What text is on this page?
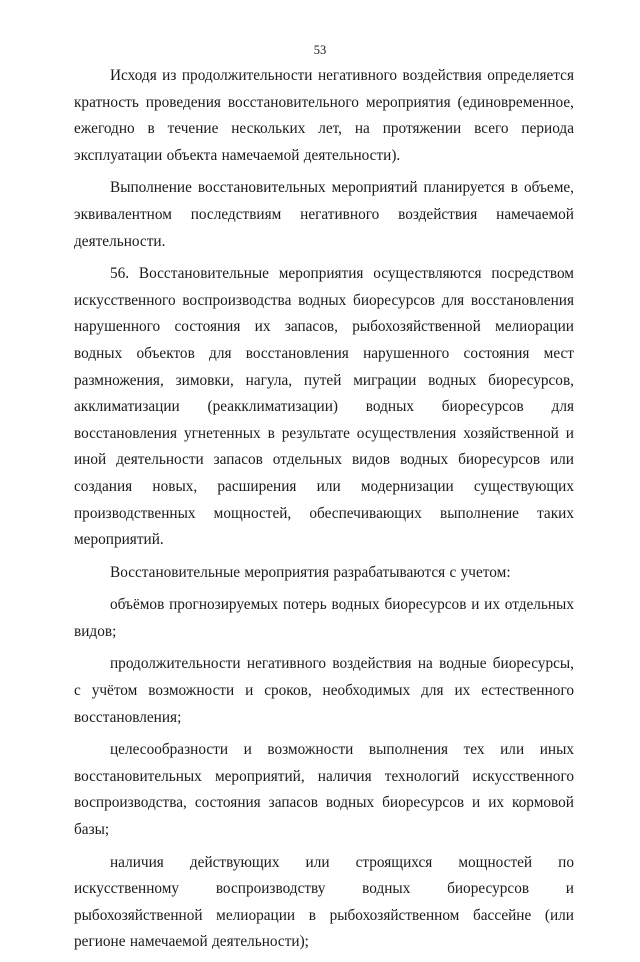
53

Исходя из продолжительности негативного воздействия определяется кратность проведения восстановительного мероприятия (единовременное, ежегодно в течение нескольких лет, на протяжении всего периода эксплуатации объекта намечаемой деятельности).

Выполнение восстановительных мероприятий планируется в объеме, эквивалентном последствиям негативного воздействия намечаемой деятельности.

56. Восстановительные мероприятия осуществляются посредством искусственного воспроизводства водных биоресурсов для восстановления нарушенного состояния их запасов, рыбохозяйственной мелиорации водных объектов для восстановления нарушенного состояния мест размножения, зимовки, нагула, путей миграции водных биоресурсов, акклиматизации (реакклиматизации) водных биоресурсов для восстановления угнетенных в результате осуществления хозяйственной и иной деятельности запасов отдельных видов водных биоресурсов или создания новых, расширения или модернизации существующих производственных мощностей, обеспечивающих выполнение таких мероприятий.

Восстановительные мероприятия разрабатываются с учетом:

объёмов прогнозируемых потерь водных биоресурсов и их отдельных видов;

продолжительности негативного воздействия на водные биоресурсы, с учётом возможности и сроков, необходимых для их естественного восстановления;

целесообразности и возможности выполнения тех или иных восстановительных мероприятий, наличия технологий искусственного воспроизводства, состояния запасов водных биоресурсов и их кормовой базы;

наличия действующих или строящихся мощностей по искусственному воспроизводству водных биоресурсов и рыбохозяйственной мелиорации в рыбохозяйственном бассейне (или регионе намечаемой деятельности);
